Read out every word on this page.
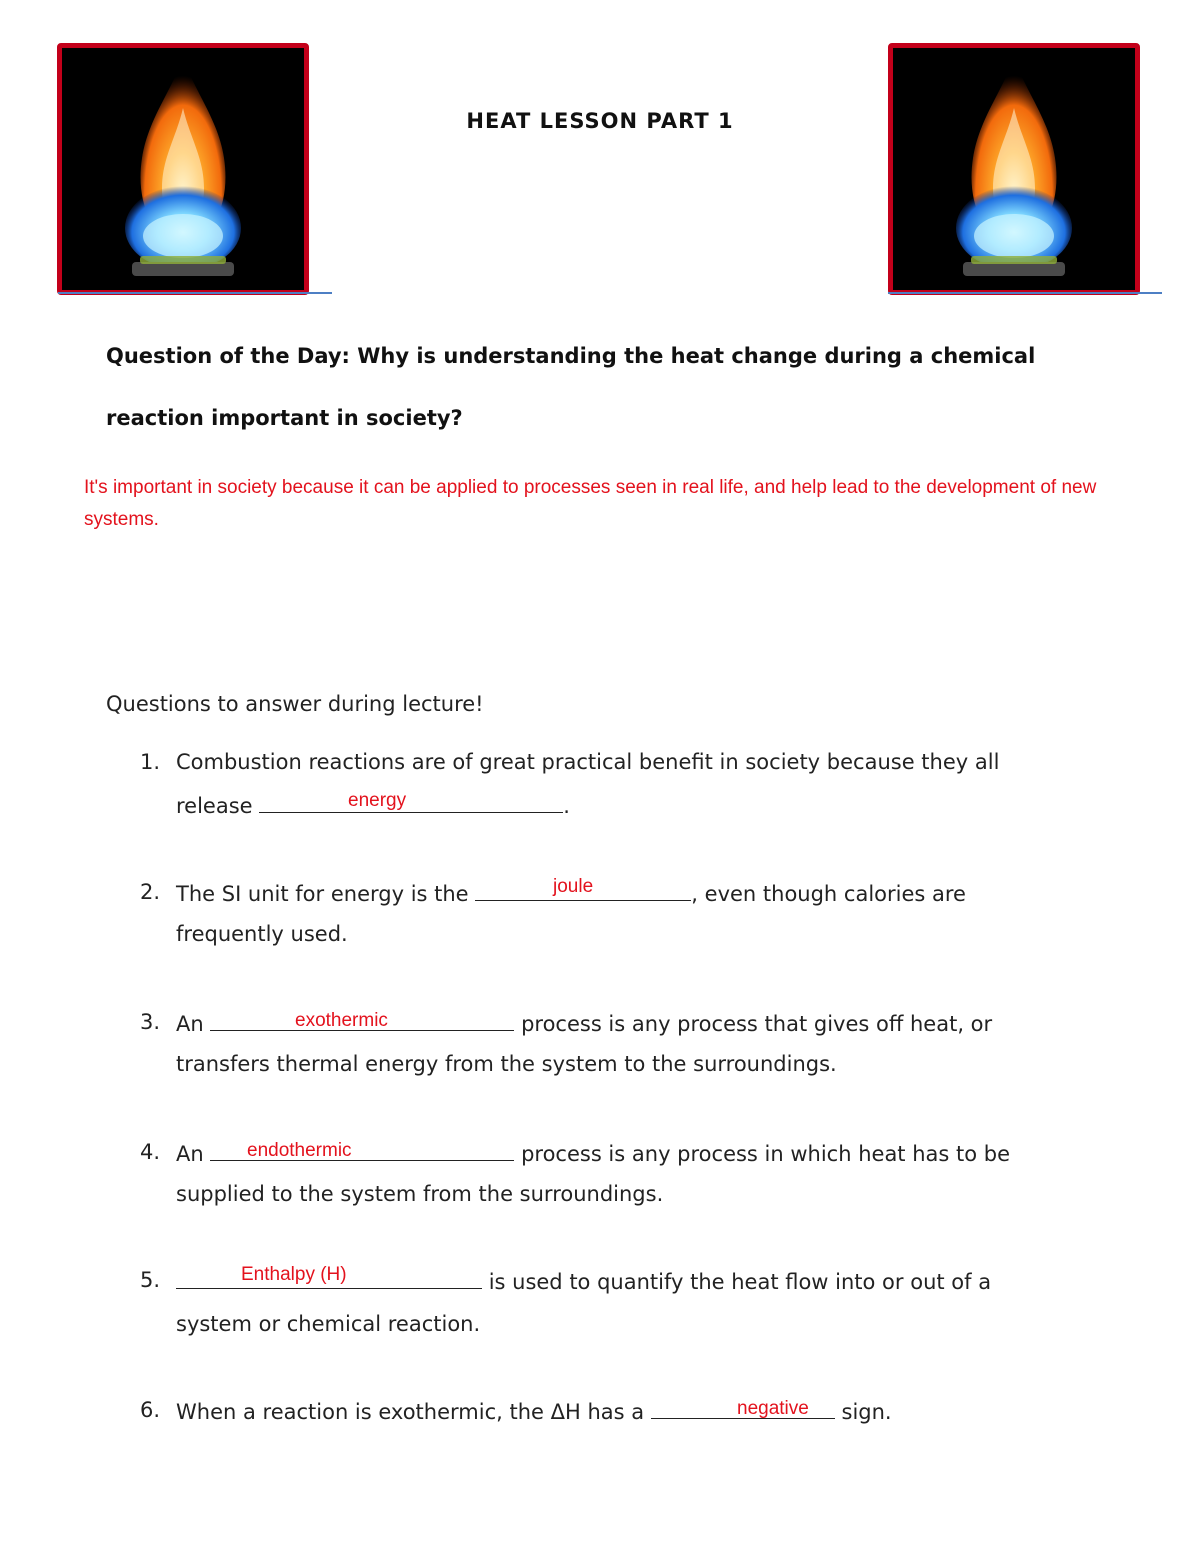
HEAT LESSON PART 1
Question of the Day: Why is understanding the heat change during a chemical
reaction important in society?
It's important in society because it can be applied to processes seen in real life, and help lead to the development of new systems.
Questions to answer during lecture!
1. Combustion reactions are of great practical benefit in society because they all
release	.
energy
2. The SI unit for energy is the	, even though calories are
frequently used.
joule
3. An	process is any process that gives off heat, or
transfers thermal energy from the system to the surroundings.
exothermic
4. An	process is any process in which heat has to be
supplied to the system from the surroundings.
endothermic
5.	is used to quantify the heat flow into or out of a
system or chemical reaction.
Enthalpy (H)
6. When a reaction is exothermic, the ΔH has a	sign.
negative
